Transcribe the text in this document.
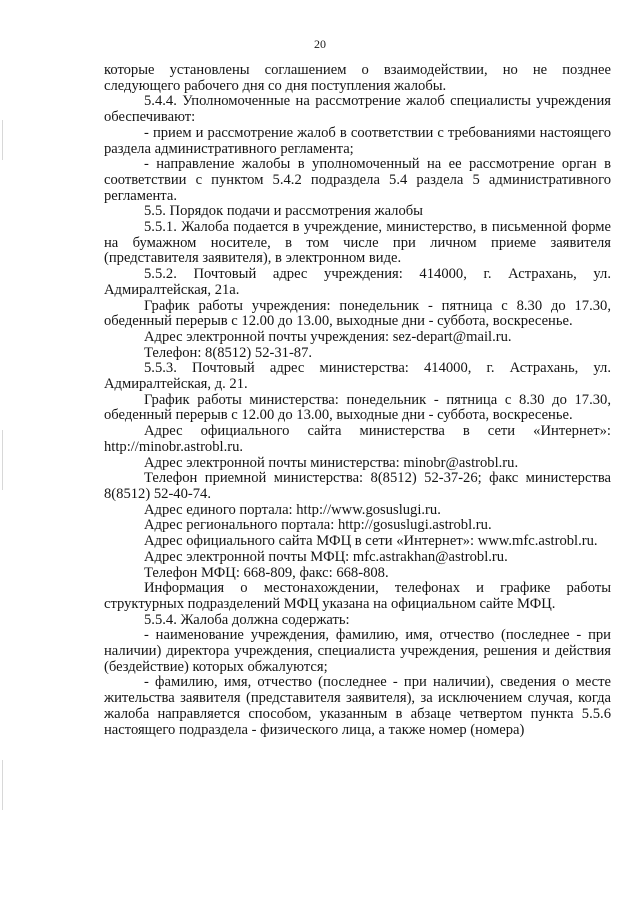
20

которые установлены соглашением о взаимодействии, но не позднее следующего рабочего дня со дня поступления жалобы.

5.4.4. Уполномоченные на рассмотрение жалоб специалисты учреждения обеспечивают:

- прием и рассмотрение жалоб в соответствии с требованиями настоящего раздела административного регламента;

- направление жалобы в уполномоченный на ее рассмотрение орган в соответствии с пунктом 5.4.2 подраздела 5.4 раздела 5 административного регламента.

5.5. Порядок подачи и рассмотрения жалобы

5.5.1. Жалоба подается в учреждение, министерство, в письменной форме на бумажном носителе, в том числе при личном приеме заявителя (представителя заявителя), в электронном виде.

5.5.2. Почтовый адрес учреждения: 414000, г. Астрахань, ул. Адмиралтейская, 21а.

График работы учреждения: понедельник - пятница с 8.30 до 17.30, обеденный перерыв с 12.00 до 13.00, выходные дни - суббота, воскресенье.

Адрес электронной почты учреждения: sez-depart@mail.ru.

Телефон: 8(8512) 52-31-87.

5.5.3. Почтовый адрес министерства: 414000, г. Астрахань, ул. Адмиралтейская, д. 21.

График работы министерства: понедельник - пятница с 8.30 до 17.30, обеденный перерыв с 12.00 до 13.00, выходные дни - суббота, воскресенье.

Адрес официального сайта министерства в сети «Интернет»: http://minobr.astrobl.ru.

Адрес электронной почты министерства: minobr@astrobl.ru.

Телефон приемной министерства: 8(8512) 52-37-26; факс министерства 8(8512) 52-40-74.

Адрес единого портала: http://www.gosuslugi.ru.

Адрес регионального портала: http://gosuslugi.astrobl.ru.

Адрес официального сайта МФЦ в сети «Интернет»: www.mfc.astrobl.ru.

Адрес электронной почты МФЦ: mfc.astrakhan@astrobl.ru.

Телефон МФЦ: 668-809, факс: 668-808.

Информация о местонахождении, телефонах и графике работы структурных подразделений МФЦ указана на официальном сайте МФЦ.

5.5.4. Жалоба должна содержать:

- наименование учреждения, фамилию, имя, отчество (последнее - при наличии) директора учреждения, специалиста учреждения, решения и действия (бездействие) которых обжалуются;

- фамилию, имя, отчество (последнее - при наличии), сведения о месте жительства заявителя (представителя заявителя), за исключением случая, когда жалоба направляется способом, указанным в абзаце четвертом пункта 5.5.6 настоящего подраздела - физического лица, а также номер (номера)
